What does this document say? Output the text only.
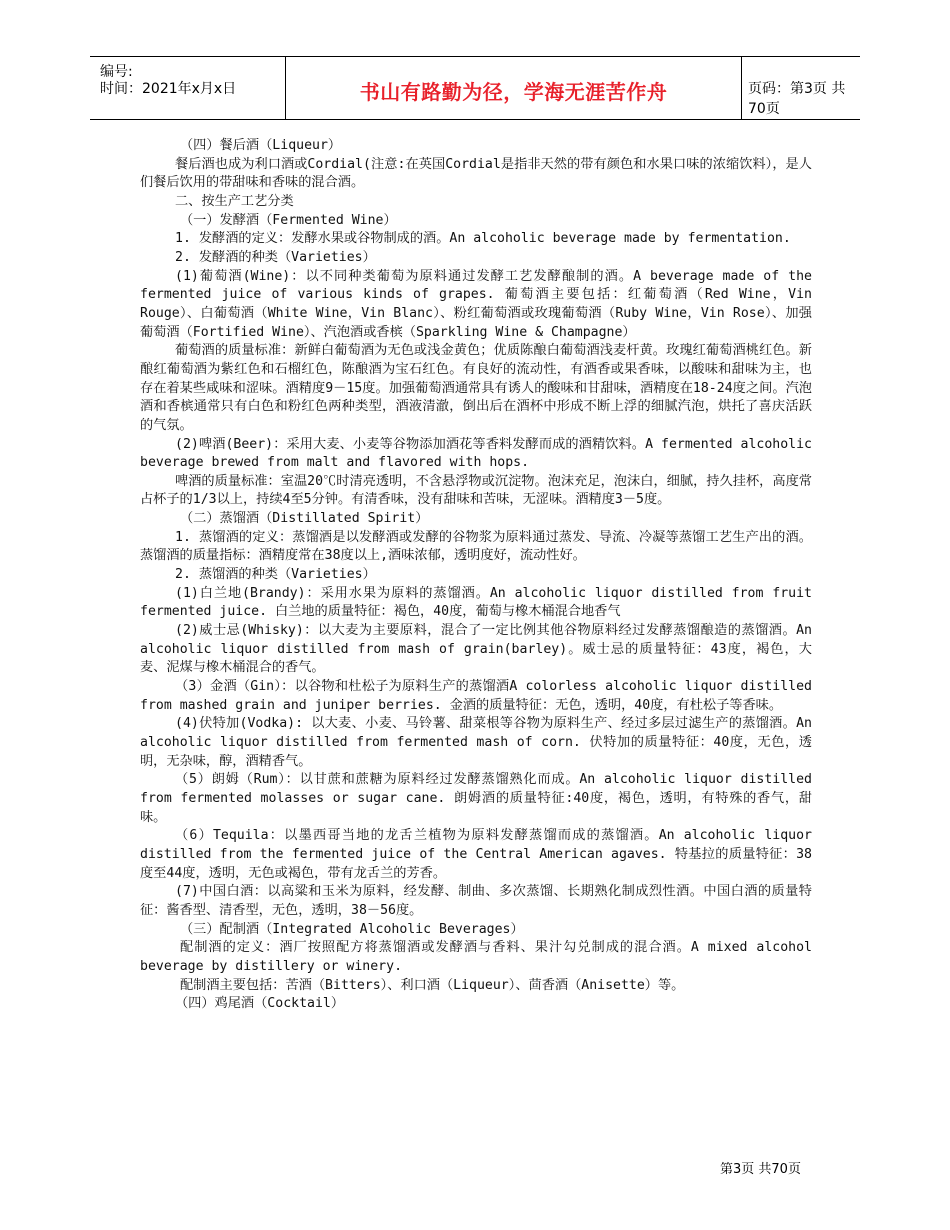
编号:
时间：2021年x月x日	书山有路勤为径，学海无涯苦作舟	页码：第3页 共70页

（四）餐后酒（Liqueur）

餐后酒也成为利口酒或Cordial(注意:在英国Cordial是指非天然的带有颜色和水果口味的浓缩饮料），是人们餐后饮用的带甜味和香味的混合酒。

二、按生产工艺分类

（一）发酵酒（Fermented Wine）

1. 发酵酒的定义：发酵水果或谷物制成的酒。An alcoholic beverage made by fermentation.

2. 发酵酒的种类（Varieties）

(1)葡萄酒(Wine)：以不同种类葡萄为原料通过发酵工艺发酵酿制的酒。A beverage made of the fermented juice of various kinds of grapes. 葡萄酒主要包括：红葡萄酒（Red Wine，Vin Rouge）、白葡萄酒（White Wine，Vin Blanc）、粉红葡萄酒或玫瑰葡萄酒（Ruby Wine，Vin Rose）、加强葡萄酒（Fortified Wine）、汽泡酒或香槟（Sparkling Wine & Champagne）

葡萄酒的质量标准：新鲜白葡萄酒为无色或浅金黄色；优质陈酿白葡萄酒浅麦杆黄。玫瑰红葡萄酒桃红色。新酿红葡萄酒为紫红色和石榴红色，陈酿酒为宝石红色。有良好的流动性，有酒香或果香味，以酸味和甜味为主，也存在着某些咸味和涩味。酒精度9－15度。加强葡萄酒通常具有诱人的酸味和甘甜味，酒精度在18-24度之间。汽泡酒和香槟通常只有白色和粉红色两种类型，酒液清澈，倒出后在酒杯中形成不断上浮的细腻汽泡，烘托了喜庆活跃的气氛。

(2)啤酒(Beer)：采用大麦、小麦等谷物添加酒花等香料发酵而成的酒精饮料。A fermented alcoholic beverage brewed from malt and flavored with hops.

啤酒的质量标准：室温20℃时清亮透明，不含悬浮物或沉淀物。泡沫充足，泡沫白，细腻，持久挂杯，高度常占杯子的1/3以上，持续4至5分钟。有清香味，没有甜味和苦味，无涩味。酒精度3－5度。

（二）蒸馏酒（Distillated Spirit）

1. 蒸馏酒的定义：蒸馏酒是以发酵酒或发酵的谷物浆为原料通过蒸发、导流、冷凝等蒸馏工艺生产出的酒。蒸馏酒的质量指标：酒精度常在38度以上,酒味浓郁，透明度好，流动性好。

2. 蒸馏酒的种类（Varieties）

(1)白兰地(Brandy)：采用水果为原料的蒸馏酒。An alcoholic liquor distilled from fruit fermented juice. 白兰地的质量特征：褐色，40度，葡萄与橡木桶混合地香气

(2)威士忌(Whisky)：以大麦为主要原料，混合了一定比例其他谷物原料经过发酵蒸馏酿造的蒸馏酒。An alcoholic liquor distilled from mash of grain(barley)。威士忌的质量特征：43度，褐色，大麦、泥煤与橡木桶混合的香气。

（3）金酒（Gin）：以谷物和杜松子为原料生产的蒸馏酒A colorless alcoholic liquor distilled from mashed grain and juniper berries. 金酒的质量特征：无色，透明，40度，有杜松子等香味。

(4)伏特加(Vodka): 以大麦、小麦、马铃薯、甜菜根等谷物为原料生产、经过多层过滤生产的蒸馏酒。An alcoholic liquor distilled from fermented mash of corn. 伏特加的质量特征：40度，无色，透明，无杂味，醇，酒精香气。

（5）朗姆（Rum）：以甘蔗和蔗糖为原料经过发酵蒸馏熟化而成。An alcoholic liquor distilled from fermented molasses or sugar cane. 朗姆酒的质量特征:40度，褐色，透明，有特殊的香气，甜味。

（6）Tequila：以墨西哥当地的龙舌兰植物为原料发酵蒸馏而成的蒸馏酒。An alcoholic liquor distilled from the fermented juice of the Central American agaves. 特基拉的质量特征：38度至44度，透明，无色或褐色，带有龙舌兰的芳香。

(7)中国白酒：以高粱和玉米为原料，经发酵、制曲、多次蒸馏、长期熟化制成烈性酒。中国白酒的质量特征：酱香型、清香型，无色，透明，38－56度。

（三）配制酒（Integrated Alcoholic Beverages）

配制酒的定义：酒厂按照配方将蒸馏酒或发酵酒与香料、果汁勾兑制成的混合酒。A mixed alcohol beverage by distillery or winery.

配制酒主要包括：苦酒（Bitters）、利口酒（Liqueur）、茴香酒（Anisette）等。

（四）鸡尾酒（Cocktail）

第3页 共70页
